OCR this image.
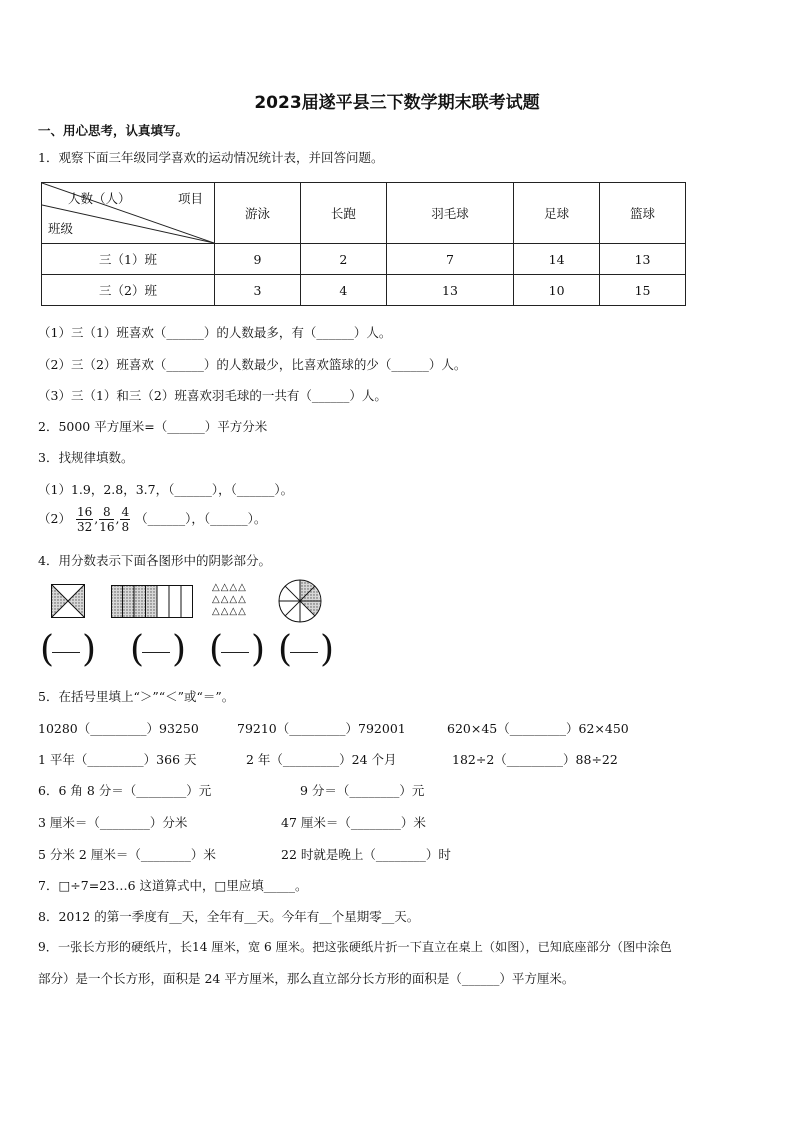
2023届遂平县三下数学期末联考试题
一、用心思考，认真填写。
1．观察下面三年级同学喜欢的运动情况统计表，并回答问题。
人数（人） 项目
班级	游泳	长跑	羽毛球	足球	篮球
三（1）班	9	2	7	14	13
三（2）班	3	4	13	10	15
（1）三（1）班喜欢（______）的人数最多，有（______）人。
（2）三（2）班喜欢（______）的人数最少，比喜欢篮球的少（______）人。
（3）三（1）和三（2）班喜欢羽毛球的一共有（______）人。
2．5000 平方厘米=（______）平方分米
3．找规律填数。
（1）1.9，2.8，3.7，（______），（______）。
$(2) \frac{16}{32}$ , $\frac{8}{16}$ , $\frac{4}{8}$ （______），（______）。
4．用分数表示下面各图形中的阴影部分。
△△△△
△△△△
△△△△
( ) ( ) ( ) ( )
5．在括号里填上“＞”“＜”或“＝”。
10280（_________）93250	79210（_________）792001	620×45（_________）62×450
1 平年（_________）366 天	2 年（_________）24 个月	182÷2（_________）88÷22
6．6 角 8 分＝（________）元	9 分＝（________）元
3 厘米＝（________）分米	47 厘米＝（________）米
5 分米 2 厘米＝（________）米	22 时就是晚上（________）时
7．□÷7=23…6 这道算式中，□里应填_____。
8．2012 的第一季度有__天，全年有__天。今年有__个星期零__天。
9．一张长方形的硬纸片，长14 厘米，宽 6 厘米。把这张硬纸片折一下直立在桌上（如图），已知底座部分（图中涂色
部分）是一个长方形，面积是 24 平方厘米，那么直立部分长方形的面积是（______）平方厘米。
